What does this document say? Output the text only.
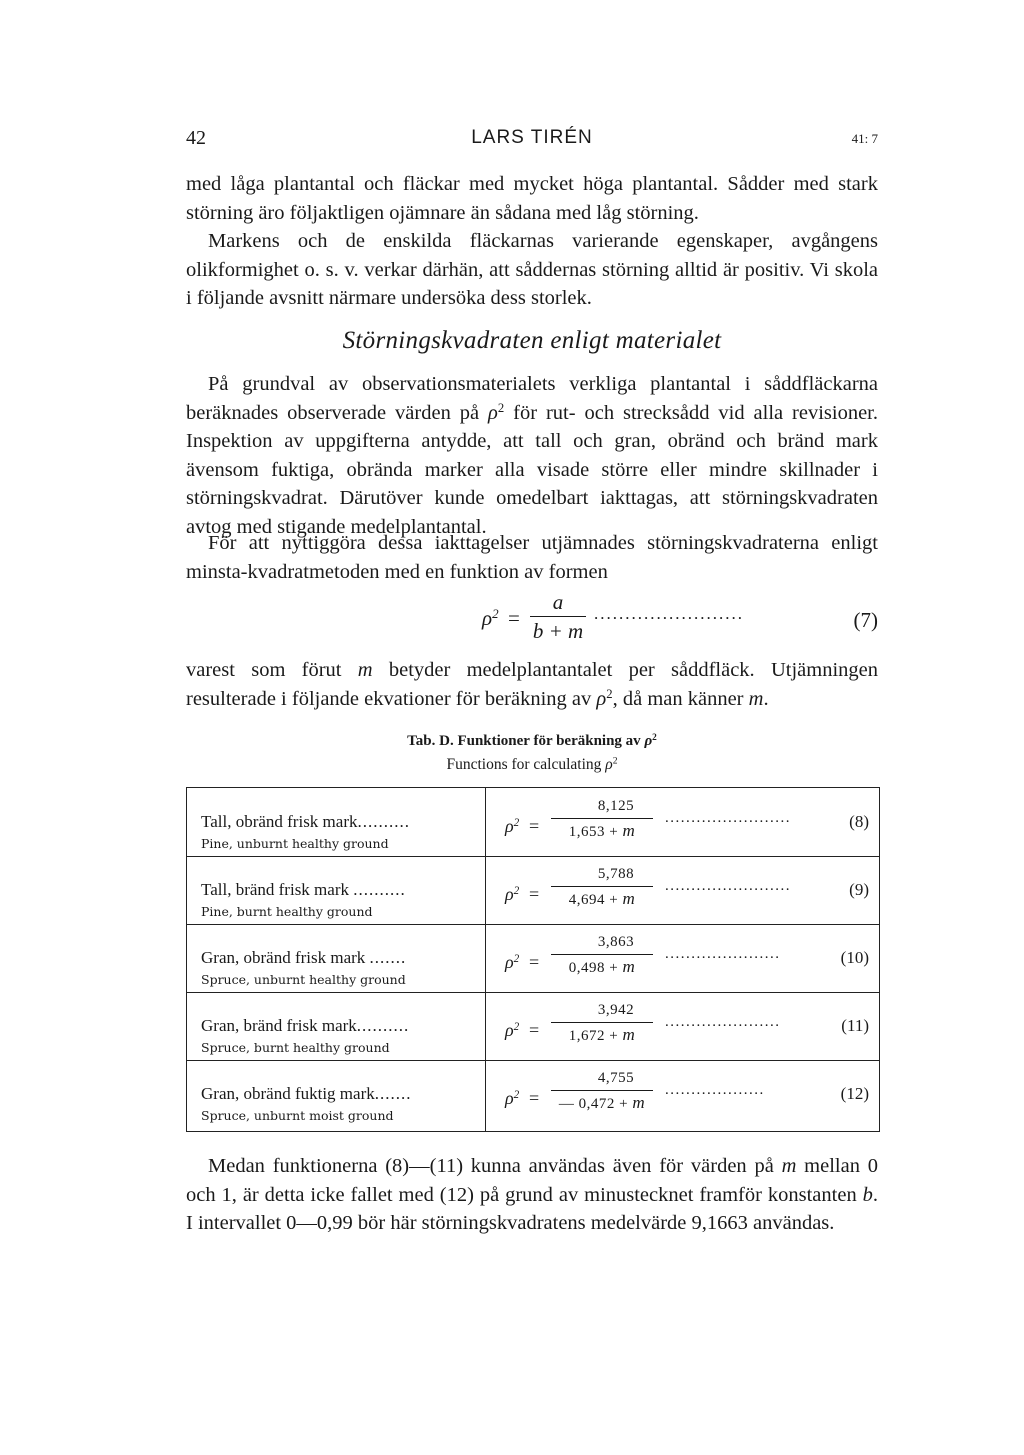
42	LARS TIRÉN	41: 7

med låga plantantal och fläckar med mycket höga plantantal. Sådder med stark störning äro följaktligen ojämnare än sådana med låg störning.

Markens och de enskilda fläckarnas varierande egenskaper, avgångens olikformighet o. s. v. verkar därhän, att såddernas störning alltid är positiv. Vi skola i följande avsnitt närmare undersöka dess storlek.

Störningskvadraten enligt materialet

På grundval av observationsmaterialets verkliga plantantal i såddfläckarna beräknades observerade värden på $\rho^2$ för rut- och strecksådd vid alla revisioner. Inspektion av uppgifterna antydde, att tall och gran, obränd och bränd mark ävensom fuktiga, obrända marker alla visade större eller mindre skillnader i störningskvadrat. Därutöver kunde omedelbart iakttagas, att störningskvadraten avtog med stigande medelplantantal.

För att nyttiggöra dessa iakttagelser utjämnades störningskvadraterna enligt minsta-kvadratmetoden med en funktion av formen

$\rho^2$ =
a
b + m
........................	(7)

varest som förut m betyder medelplantantalet per såddfläck. Utjämningen resulterade i följande ekvationer för beräkning av $\rho^2$, då man känner m.

Tab. D. Funktioner för beräkning av $\rho^2$
Functions for calculating $\rho^2$
Tall, obränd frisk mark..........
Pine, unburnt healthy ground
$\rho^2$ =
8,125
1,653 + m
........................	(8)
Tall, bränd frisk mark ..........
Pine, burnt healthy ground
$\rho^2$ =
5,788
4,694 + m
........................	(9)
Gran, obränd frisk mark .......
Spruce, unburnt healthy ground
$\rho^2$ =
3,863
0,498 + m
......................	(10)
Gran, bränd frisk mark..........
Spruce, burnt healthy ground
$\rho^2$ =
3,942
1,672 + m
......................	(11)
Gran, obränd fuktig mark.......
Spruce, unburnt moist ground
$\rho^2$ =
4,755
— 0,472 + m
...................	(12)

Medan funktionerna (8)—(11) kunna användas även för värden på m mellan 0 och 1, är detta icke fallet med (12) på grund av minustecknet framför konstanten b. I intervallet 0—0,99 bör här störningskvadratens medelvärde 9,1663 användas.
